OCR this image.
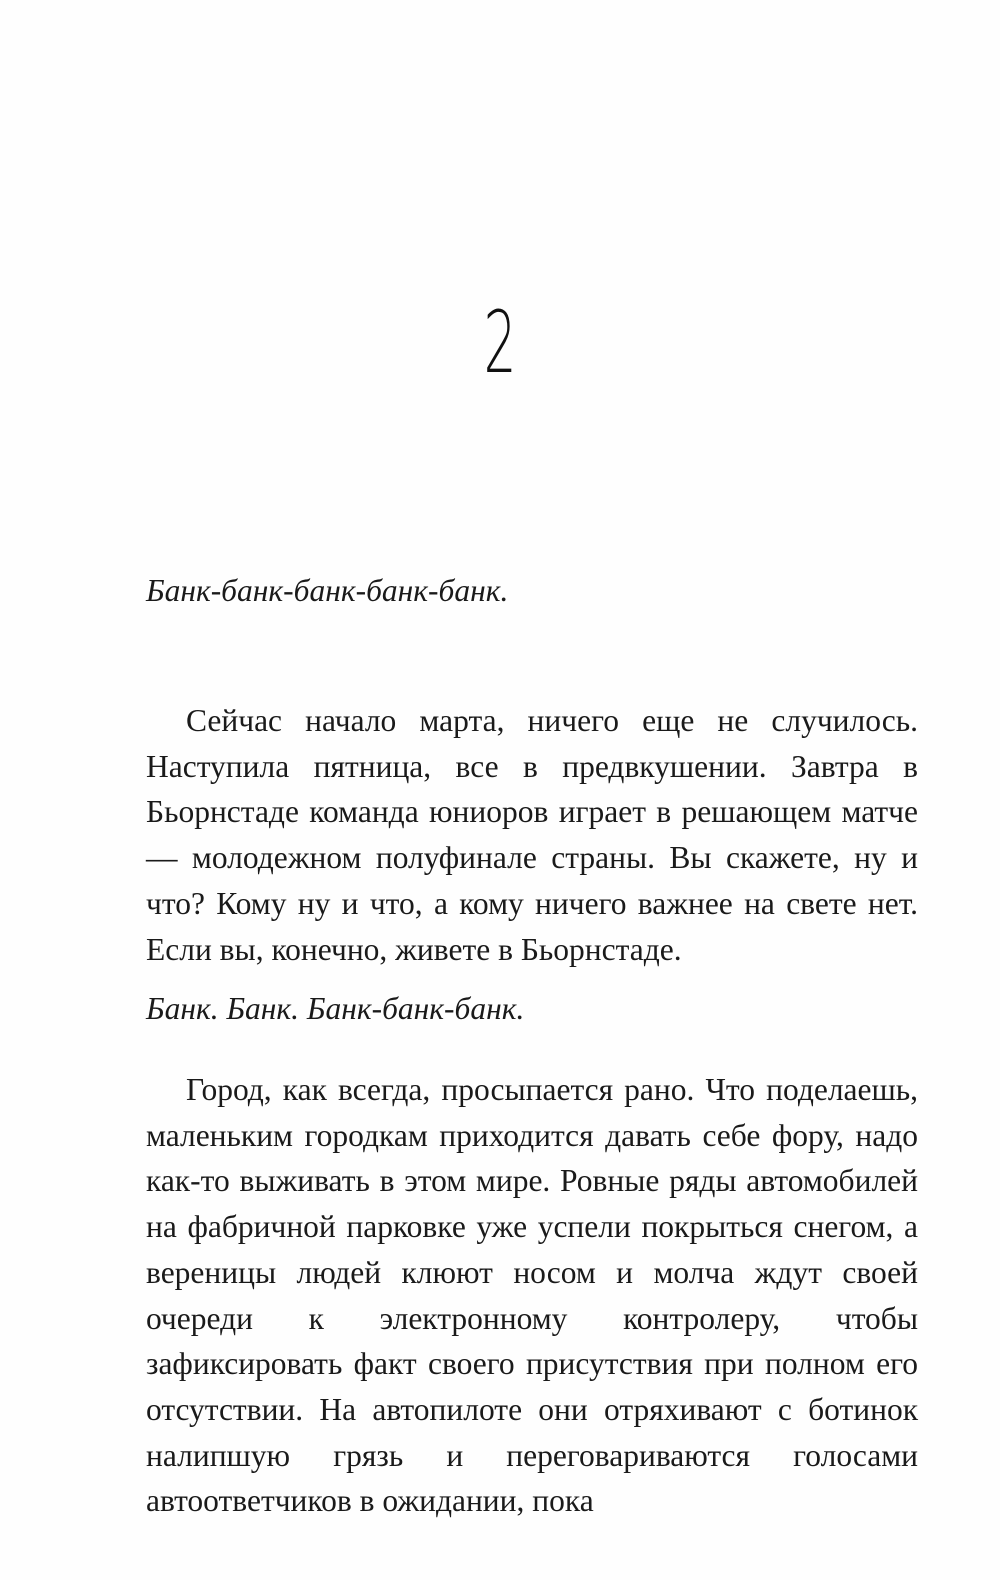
2

Банк-банк-банк-банк-банк.

Сейчас начало марта, ничего еще не случилось. Наступила пятница, все в предвкушении. Завтра в Бьорнстаде команда юниоров играет в решающем матче — молодежном полуфинале страны. Вы скажете, ну и что? Кому ну и что, а кому ничего важнее на свете нет. Если вы, конечно, живете в Бьорнстаде.

Банк. Банк. Банк-банк-банк.

Город, как всегда, просыпается рано. Что поделаешь, маленьким городкам приходится давать себе фору, надо как-то выживать в этом мире. Ровные ряды автомобилей на фабричной парковке уже успели покрыться снегом, а вереницы людей клюют носом и молча ждут своей очереди к электронному контролеру, чтобы зафиксировать факт своего присутствия при полном его отсутствии. На автопилоте они отряхивают с ботинок налипшую грязь и переговариваются голосами автоответчиков в ожидании, пока
